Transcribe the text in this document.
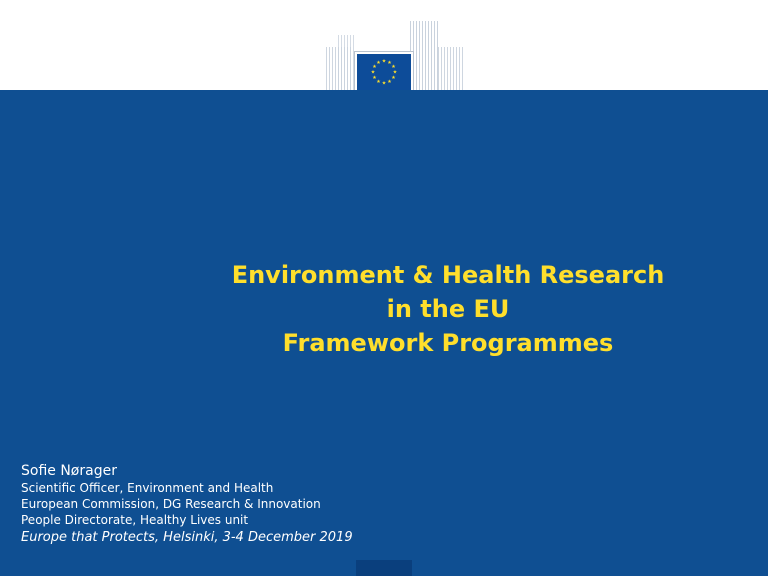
★ ★
★
★
★
★
★
★
★
★
★
★
Environment & Health Research
in the EU
Framework Programmes
Sofie Nørager
Scientific Officer, Environment and Health
European Commission, DG Research & Innovation
People Directorate, Healthy Lives unit
Europe that Protects, Helsinki, 3-4 December 2019
